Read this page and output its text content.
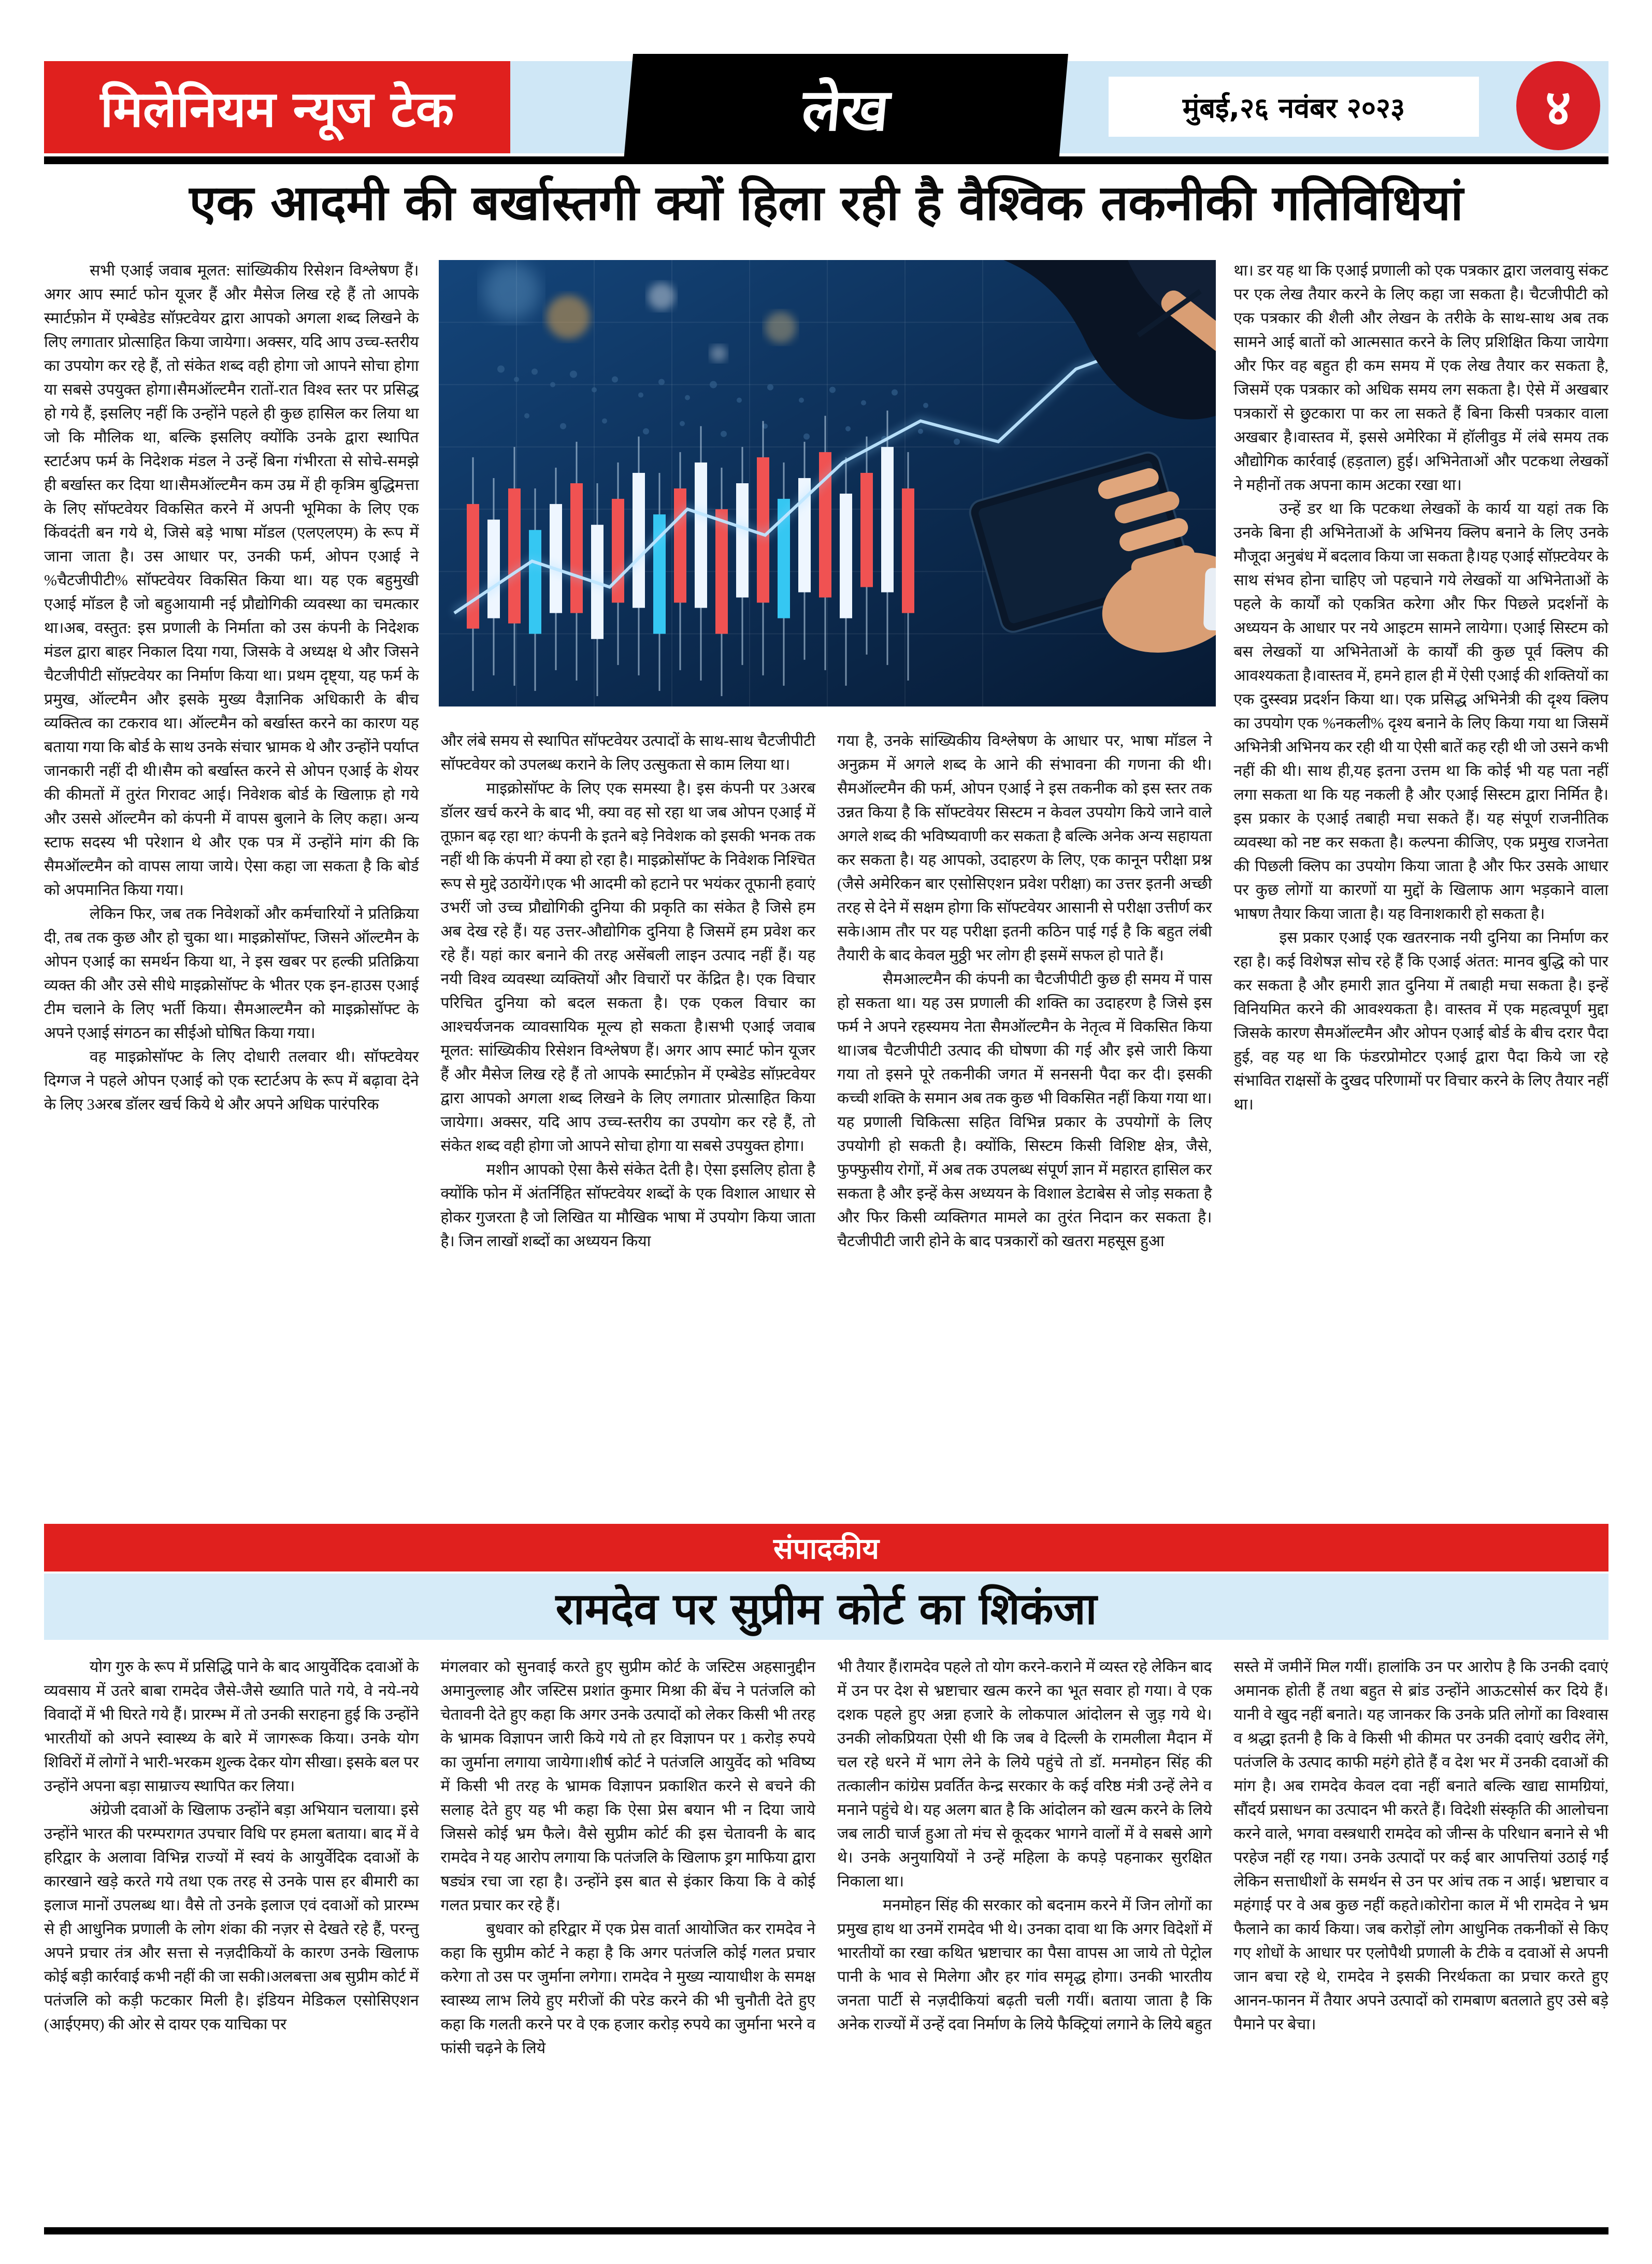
मिलेनियम न्यूज टेक	लेख	मुंबई,२६ नवंबर २०२३	४
एक आदमी की बर्खास्तगी क्यों हिला रही है वैश्विक तकनीकी गतिविधियां

सभी एआई जवाब मूलत: सांख्यिकीय रिसेशन विश्लेषण हैं। अगर आप स्मार्ट फोन यूजर हैं और मैसेज लिख रहे हैं तो आपके स्मार्टफ़ोन में एम्बेडेड सॉफ़्टवेयर द्वारा आपको अगला शब्द लिखने के लिए लगातार प्रोत्साहित किया जायेगा। अक्सर, यदि आप उच्च-स्तरीय का उपयोग कर रहे हैं, तो संकेत शब्द वही होगा जो आपने सोचा होगा या सबसे उपयुक्त होगा।सैमऑल्टमैन रातों-रात विश्व स्तर पर प्रसिद्ध हो गये हैं, इसलिए नहीं कि उन्होंने पहले ही कुछ हासिल कर लिया था जो कि मौलिक था, बल्कि इसलिए क्योंकि उनके द्वारा स्थापित स्टार्टअप फर्म के निदेशक मंडल ने उन्हें बिना गंभीरता से सोचे-समझे ही बर्खास्त कर दिया था।सैमऑल्टमैन कम उम्र में ही कृत्रिम बुद्धिमत्ता के लिए सॉफ्टवेयर विकसित करने में अपनी भूमिका के लिए एक किंवदंती बन गये थे, जिसे बड़े भाषा मॉडल (एलएलएम) के रूप में जाना जाता है। उस आधार पर, उनकी फर्म, ओपन एआई ने %चैटजीपीटी% सॉफ्टवेयर विकसित किया था। यह एक बहुमुखी एआई मॉडल है जो बहुआयामी नई प्रौद्योगिकी व्यवस्था का चमत्कार था।अब, वस्तुत: इस प्रणाली के निर्माता को उस कंपनी के निदेशक मंडल द्वारा बाहर निकाल दिया गया, जिसके वे अध्यक्ष थे और जिसने चैटजीपीटी सॉफ़्टवेयर का निर्माण किया था। प्रथम दृष्ट्या, यह फर्म के प्रमुख, ऑल्टमैन और इसके मुख्य वैज्ञानिक अधिकारी के बीच व्यक्तित्व का टकराव था। ऑल्टमैन को बर्खास्त करने का कारण यह बताया गया कि बोर्ड के साथ उनके संचार भ्रामक थे और उन्होंने पर्याप्त जानकारी नहीं दी थी।सैम को बर्खास्त करने से ओपन एआई के शेयर की कीमतों में तुरंत गिरावट आई। निवेशक बोर्ड के खिलाफ़ हो गये और उससे ऑल्टमैन को कंपनी में वापस बुलाने के लिए कहा। अन्य स्टाफ सदस्य भी परेशान थे और एक पत्र में उन्होंने मांग की कि सैमऑल्टमैन को वापस लाया जाये। ऐसा कहा जा सकता है कि बोर्ड को अपमानित किया गया।

लेकिन फिर, जब तक निवेशकों और कर्मचारियों ने प्रतिक्रिया दी, तब तक कुछ और हो चुका था। माइक्रोसॉफ्ट, जिसने ऑल्टमैन के ओपन एआई का समर्थन किया था, ने इस खबर पर हल्की प्रतिक्रिया व्यक्त की और उसे सीधे माइक्रोसॉफ्ट के भीतर एक इन-हाउस एआई टीम चलाने के लिए भर्ती किया। सैमआल्टमैन को माइक्रोसॉफ्ट के अपने एआई संगठन का सीईओ घोषित किया गया।

वह माइक्रोसॉफ्ट के लिए दोधारी तलवार थी। सॉफ्टवेयर दिग्गज ने पहले ओपन एआई को एक स्टार्टअप के रूप में बढ़ावा देने के लिए 3अरब डॉलर खर्च किये थे और अपने अधिक पारंपरिक

और लंबे समय से स्थापित सॉफ्टवेयर उत्पादों के साथ-साथ चैटजीपीटी सॉफ्टवेयर को उपलब्ध कराने के लिए उत्सुकता से काम लिया था।

माइक्रोसॉफ्ट के लिए एक समस्या है। इस कंपनी पर 3अरब डॉलर खर्च करने के बाद भी, क्या वह सो रहा था जब ओपन एआई में तूफ़ान बढ़ रहा था? कंपनी के इतने बड़े निवेशक को इसकी भनक तक नहीं थी कि कंपनी में क्या हो रहा है। माइक्रोसॉफ्ट के निवेशक निश्चित रूप से मुद्दे उठायेंगे।एक भी आदमी को हटाने पर भयंकर तूफानी हवाएं उभरीं जो उच्च प्रौद्योगिकी दुनिया की प्रकृति का संकेत है जिसे हम अब देख रहे हैं। यह उत्तर-औद्योगिक दुनिया है जिसमें हम प्रवेश कर रहे हैं। यहां कार बनाने की तरह असेंबली लाइन उत्पाद नहीं हैं। यह नयी विश्व व्यवस्था व्यक्तियों और विचारों पर केंद्रित है। एक विचार परिचित दुनिया को बदल सकता है। एक एकल विचार का आश्चर्यजनक व्यावसायिक मूल्य हो सकता है।सभी एआई जवाब मूलत: सांख्यिकीय रिसेशन विश्लेषण हैं। अगर आप स्मार्ट फोन यूजर हैं और मैसेज लिख रहे हैं तो आपके स्मार्टफ़ोन में एम्बेडेड सॉफ़्टवेयर द्वारा आपको अगला शब्द लिखने के लिए लगातार प्रोत्साहित किया जायेगा। अक्सर, यदि आप उच्च-स्तरीय का उपयोग कर रहे हैं, तो संकेत शब्द वही होगा जो आपने सोचा होगा या सबसे उपयुक्त होगा।

मशीन आपको ऐसा कैसे संकेत देती है। ऐसा इसलिए होता है क्योंकि फोन में अंतर्निहित सॉफ्टवेयर शब्दों के एक विशाल आधार से होकर गुजरता है जो लिखित या मौखिक भाषा में उपयोग किया जाता है। जिन लाखों शब्दों का अध्ययन किया

गया है, उनके सांख्यिकीय विश्लेषण के आधार पर, भाषा मॉडल ने अनुक्रम में अगले शब्द के आने की संभावना की गणना की थी।सैमऑल्टमैन की फर्म, ओपन एआई ने इस तकनीक को इस स्तर तक उन्नत किया है कि सॉफ्टवेयर सिस्टम न केवल उपयोग किये जाने वाले अगले शब्द की भविष्यवाणी कर सकता है बल्कि अनेक अन्य सहायता कर सकता है। यह आपको, उदाहरण के लिए, एक कानून परीक्षा प्रश्न (जैसे अमेरिकन बार एसोसिएशन प्रवेश परीक्षा) का उत्तर इतनी अच्छी तरह से देने में सक्षम होगा कि सॉफ्टवेयर आसानी से परीक्षा उत्तीर्ण कर सके।आम तौर पर यह परीक्षा इतनी कठिन पाई गई है कि बहुत लंबी तैयारी के बाद केवल मुठ्ठी भर लोग ही इसमें सफल हो पाते हैं।

सैमआल्टमैन की कंपनी का चैटजीपीटी कुछ ही समय में पास हो सकता था। यह उस प्रणाली की शक्ति का उदाहरण है जिसे इस फर्म ने अपने रहस्यमय नेता सैमऑल्टमैन के नेतृत्व में विकसित किया था।जब चैटजीपीटी उत्पाद की घोषणा की गई और इसे जारी किया गया तो इसने पूरे तकनीकी जगत में सनसनी पैदा कर दी। इसकी कच्ची शक्ति के समान अब तक कुछ भी विकसित नहीं किया गया था। यह प्रणाली चिकित्सा सहित विभिन्न प्रकार के उपयोगों के लिए उपयोगी हो सकती है। क्योंकि, सिस्टम किसी विशिष्ट क्षेत्र, जैसे, फुफ्फुसीय रोगों, में अब तक उपलब्ध संपूर्ण ज्ञान में महारत हासिल कर सकता है और इन्हें केस अध्ययन के विशाल डेटाबेस से जोड़ सकता है और फिर किसी व्यक्तिगत मामले का तुरंत निदान कर सकता है।चैटजीपीटी जारी होने के बाद पत्रकारों को खतरा महसूस हुआ

था। डर यह था कि एआई प्रणाली को एक पत्रकार द्वारा जलवायु संकट पर एक लेख तैयार करने के लिए कहा जा सकता है। चैटजीपीटी को एक पत्रकार की शैली और लेखन के तरीके के साथ-साथ अब तक सामने आई बातों को आत्मसात करने के लिए प्रशिक्षित किया जायेगा और फिर वह बहुत ही कम समय में एक लेख तैयार कर सकता है, जिसमें एक पत्रकार को अधिक समय लग सकता है। ऐसे में अखबार पत्रकारों से छुटकारा पा कर ला सकते हैं बिना किसी पत्रकार वाला अखबार है।वास्तव में, इससे अमेरिका में हॉलीवुड में लंबे समय तक औद्योगिक कार्रवाई (हड़ताल) हुई। अभिनेताओं और पटकथा लेखकों ने महीनों तक अपना काम अटका रखा था।

उन्हें डर था कि पटकथा लेखकों के कार्य या यहां तक कि उनके बिना ही अभिनेताओं के अभिनय क्लिप बनाने के लिए उनके मौजूदा अनुबंध में बदलाव किया जा सकता है।यह एआई सॉफ़्टवेयर के साथ संभव होना चाहिए जो पहचाने गये लेखकों या अभिनेताओं के पहले के कार्यों को एकत्रित करेगा और फिर पिछले प्रदर्शनों के अध्ययन के आधार पर नये आइटम सामने लायेगा। एआई सिस्टम को बस लेखकों या अभिनेताओं के कार्यों की कुछ पूर्व क्लिप की आवश्यकता है।वास्तव में, हमने हाल ही में ऐसी एआई की शक्तियों का एक दुस्स्वप्न प्रदर्शन किया था। एक प्रसिद्ध अभिनेत्री की दृश्य क्लिप का उपयोग एक %नकली% दृश्य बनाने के लिए किया गया था जिसमें अभिनेत्री अभिनय कर रही थी या ऐसी बातें कह रही थी जो उसने कभी नहीं की थी। साथ ही,यह इतना उत्तम था कि कोई भी यह पता नहीं लगा सकता था कि यह नकली है और एआई सिस्टम द्वारा निर्मित है।इस प्रकार के एआई तबाही मचा सकते हैं। यह संपूर्ण राजनीतिक व्यवस्था को नष्ट कर सकता है। कल्पना कीजिए, एक प्रमुख राजनेता की पिछली क्लिप का उपयोग किया जाता है और फिर उसके आधार पर कुछ लोगों या कारणों या मुद्दों के खिलाफ आग भड़काने वाला भाषण तैयार किया जाता है। यह विनाशकारी हो सकता है।

इस प्रकार एआई एक खतरनाक नयी दुनिया का निर्माण कर रहा है। कई विशेषज्ञ सोच रहे हैं कि एआई अंतत: मानव बुद्धि को पार कर सकता है और हमारी ज्ञात दुनिया में तबाही मचा सकता है। इन्हें विनियमित करने की आवश्यकता है। वास्तव में एक महत्वपूर्ण मुद्दा जिसके कारण सैमऑल्टमैन और ओपन एआई बोर्ड के बीच दरार पैदा हुई, वह यह था कि फंडरप्रोमोटर एआई द्वारा पैदा किये जा रहे संभावित राक्षसों के दुखद परिणामों पर विचार करने के लिए तैयार नहीं था।

संपादकीय
रामदेव पर सुप्रीम कोर्ट का शिकंजा

योग गुरु के रूप में प्रसिद्धि पाने के बाद आयुर्वेदिक दवाओं के व्यवसाय में उतरे बाबा रामदेव जैसे-जैसे ख्याति पाते गये, वे नये-नये विवादों में भी घिरते गये हैं। प्रारम्भ में तो उनकी सराहना हुई कि उन्होंने भारतीयों को अपने स्वास्थ्य के बारे में जागरूक किया। उनके योग शिविरों में लोगों ने भारी-भरकम शुल्क देकर योग सीखा। इसके बल पर उन्होंने अपना बड़ा साम्राज्य स्थापित कर लिया।

अंग्रेजी दवाओं के खिलाफ उन्होंने बड़ा अभियान चलाया। इसे उन्होंने भारत की परम्परागत उपचार विधि पर हमला बताया। बाद में वे हरिद्वार के अलावा विभिन्न राज्यों में स्वयं के आयुर्वेदिक दवाओं के कारखाने खड़े करते गये तथा एक तरह से उनके पास हर बीमारी का इलाज मानों उपलब्ध था। वैसे तो उनके इलाज एवं दवाओं को प्रारम्भ से ही आधुनिक प्रणाली के लोग शंका की नज़र से देखते रहे हैं, परन्तु अपने प्रचार तंत्र और सत्ता से नज़दीकियों के कारण उनके खिलाफ कोई बड़ी कार्रवाई कभी नहीं की जा सकी।अलबत्ता अब सुप्रीम कोर्ट में पतंजलि को कड़ी फटकार मिली है। इंडियन मेडिकल एसोसिएशन (आईएमए) की ओर से दायर एक याचिका पर

मंगलवार को सुनवाई करते हुए सुप्रीम कोर्ट के जस्टिस अहसानुद्दीन अमानुल्लाह और जस्टिस प्रशांत कुमार मिश्रा की बेंच ने पतंजलि को चेतावनी देते हुए कहा कि अगर उनके उत्पादों को लेकर किसी भी तरह के भ्रामक विज्ञापन जारी किये गये तो हर विज्ञापन पर 1 करोड़ रुपये का जुर्माना लगाया जायेगा।शीर्ष कोर्ट ने पतंजलि आयुर्वेद को भविष्य में किसी भी तरह के भ्रामक विज्ञापन प्रकाशित करने से बचने की सलाह देते हुए यह भी कहा कि ऐसा प्रेस बयान भी न दिया जाये जिससे कोई भ्रम फैले। वैसे सुप्रीम कोर्ट की इस चेतावनी के बाद रामदेव ने यह आरोप लगाया कि पतंजलि के खिलाफ ड्रग माफिया द्वारा षड्यंत्र रचा जा रहा है। उन्होंने इस बात से इंकार किया कि वे कोई गलत प्रचार कर रहे हैं।

बुधवार को हरिद्वार में एक प्रेस वार्ता आयोजित कर रामदेव ने कहा कि सुप्रीम कोर्ट ने कहा है कि अगर पतंजलि कोई गलत प्रचार करेगा तो उस पर जुर्माना लगेगा। रामदेव ने मुख्य न्यायाधीश के समक्ष स्वास्थ्य लाभ लिये हुए मरीजों की परेड करने की भी चुनौती देते हुए कहा कि गलती करने पर वे एक हजार करोड़ रुपये का जुर्माना भरने व फांसी चढ़ने के लिये

भी तैयार हैं।रामदेव पहले तो योग करने-कराने में व्यस्त रहे लेकिन बाद में उन पर देश से भ्रष्टाचार खत्म करने का भूत सवार हो गया। वे एक दशक पहले हुए अन्ना हजारे के लोकपाल आंदोलन से जुड़ गये थे। उनकी लोकप्रियता ऐसी थी कि जब वे दिल्ली के रामलीला मैदान में चल रहे धरने में भाग लेने के लिये पहुंचे तो डॉ. मनमोहन सिंह की तत्कालीन कांग्रेस प्रवर्तित केन्द्र सरकार के कई वरिष्ठ मंत्री उन्हें लेने व मनाने पहुंचे थे। यह अलग बात है कि आंदोलन को खत्म करने के लिये जब लाठी चार्ज हुआ तो मंच से कूदकर भागने वालों में वे सबसे आगे थे। उनके अनुयायियों ने उन्हें महिला के कपड़े पहनाकर सुरक्षित निकाला था।

मनमोहन सिंह की सरकार को बदनाम करने में जिन लोगों का प्रमुख हाथ था उनमें रामदेव भी थे। उनका दावा था कि अगर विदेशों में भारतीयों का रखा कथित भ्रष्टाचार का पैसा वापस आ जाये तो पेट्रोल पानी के भाव से मिलेगा और हर गांव समृद्ध होगा। उनकी भारतीय जनता पार्टी से नज़दीकियां बढ़ती चली गयीं। बताया जाता है कि अनेक राज्यों में उन्हें दवा निर्माण के लिये फैक्ट्रियां लगाने के लिये बहुत

सस्ते में जमीनें मिल गयीं। हालांकि उन पर आरोप है कि उनकी दवाएं अमानक होती हैं तथा बहुत से ब्रांड उन्होंने आऊटसोर्स कर दिये हैं। यानी वे खुद नहीं बनाते। यह जानकर कि उनके प्रति लोगों का विश्वास व श्रद्धा इतनी है कि वे किसी भी कीमत पर उनकी दवाएं खरीद लेंगे, पतंजलि के उत्पाद काफी महंगे होते हैं व देश भर में उनकी दवाओं की मांग है। अब रामदेव केवल दवा नहीं बनाते बल्कि खाद्य सामग्रियां, सौंदर्य प्रसाधन का उत्पादन भी करते हैं। विदेशी संस्कृति की आलोचना करने वाले, भगवा वस्त्रधारी रामदेव को जीन्स के परिधान बनाने से भी परहेज नहीं रह गया। उनके उत्पादों पर कई बार आपत्तियां उठाई गईं लेकिन सत्ताधीशों के समर्थन से उन पर आंच तक न आई। भ्रष्टाचार व महंगाई पर वे अब कुछ नहीं कहते।कोरोना काल में भी रामदेव ने भ्रम फैलाने का कार्य किया। जब करोड़ों लोग आधुनिक तकनीकों से किए गए शोधों के आधार पर एलोपैथी प्रणाली के टीके व दवाओं से अपनी जान बचा रहे थे, रामदेव ने इसकी निरर्थकता का प्रचार करते हुए आनन-फानन में तैयार अपने उत्पादों को रामबाण बतलाते हुए उसे बड़े पैमाने पर बेचा।
